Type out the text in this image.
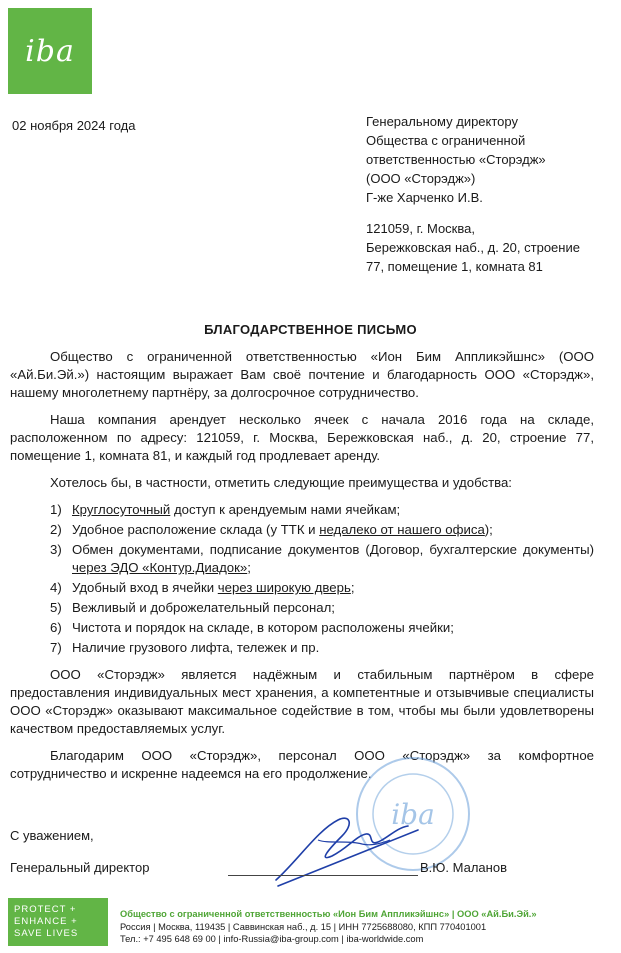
iba
02 ноября 2024 года	Генеральному директору
Общества с ограниченной
ответственностью «Сторэдж»
(ООО «Сторэдж»)
Г-же Харченко И.В.
121059, г. Москва,
Бережковская наб., д. 20, строение
77, помещение 1, комната 81
БЛАГОДАРСТВЕННОЕ ПИСЬМО

Общество с ограниченной ответственностью «Ион Бим Аппликэйшнс» (ООО «Ай.Би.Эй.») настоящим выражает Вам своё почтение и благодарность ООО «Сторэдж», нашему многолетнему партнёру, за долгосрочное сотрудничество.

Наша компания арендует несколько ячеек с начала 2016 года на складе, расположенном по адресу: 121059, г. Москва, Бережковская наб., д. 20, строение 77, помещение 1, комната 81, и каждый год продлевает аренду.

Хотелось бы, в частности, отметить следующие преимущества и удобства:

1) Круглосуточный доступ к арендуемым нами ячейкам;
2) Удобное расположение склада (у ТТК и недалеко от нашего офиса);
3) Обмен документами, подписание документов (Договор, бухгалтерские документы) через ЭДО «Контур.Диадок»;
4) Удобный вход в ячейки через широкую дверь;
5) Вежливый и доброжелательный персонал;
6) Чистота и порядок на складе, в котором расположены ячейки;
7) Наличие грузового лифта, тележек и пр.

ООО «Сторэдж» является надёжным и стабильным партнёром в сфере предоставления индивидуальных мест хранения, а компетентные и отзывчивые специалисты ООО «Сторэдж» оказывают максимальное содействие в том, чтобы мы были удовлетворены качеством предоставляемых услуг.

Благодарим ООО «Сторэдж», персонал ООО «Сторэдж» за комфортное сотрудничество и искренне надеемся на его продолжение.

iba
С уважением,
Генеральный директор	В.Ю. Маланов
PROTECT +
ENHANCE +
SAVE LIVES
Общество с ограниченной ответственностью «Ион Бим Аппликэйшнс» | ООО «Ай.Би.Эй.»
Россия | Москва, 119435 | Саввинская наб., д. 15 | ИНН 7725688080, КПП 770401001
Тел.: +7 495 648 69 00 | info-Russia@iba-group.com | iba-worldwide.com
